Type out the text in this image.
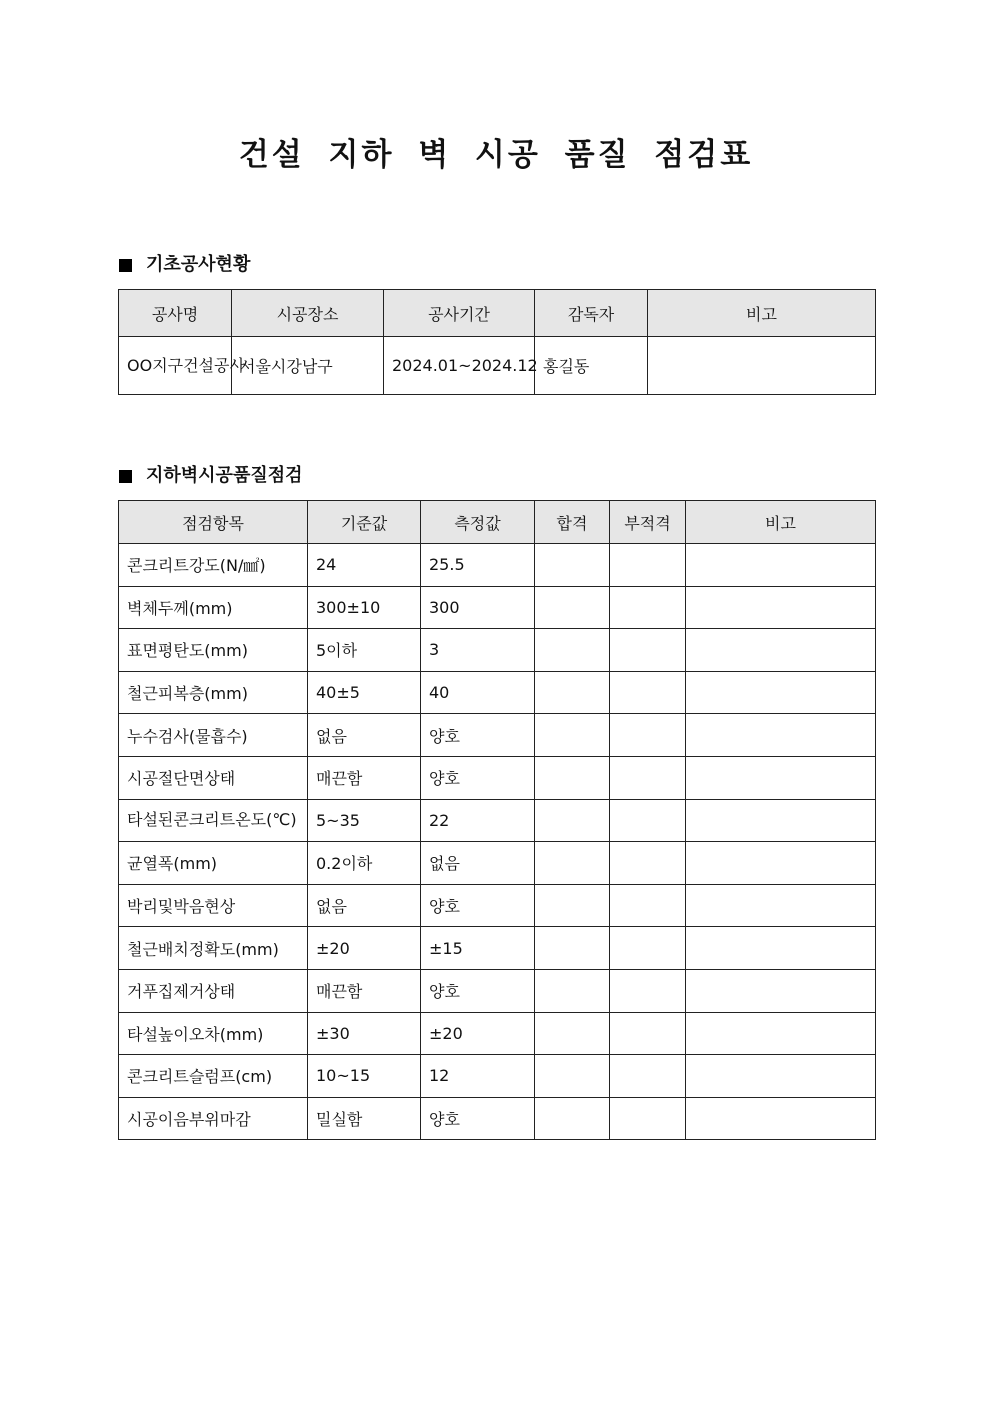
건설 지하 벽 시공 품질 점검표
기초공사현황
공사명	시공장소	공사기간	감독자	비고
OO지구건설공사	서울시강남구	2024.01~2024.12	홍길동	
지하벽시공품질점검
점검항목	기준값	측정값	합격	부적격	비고
콘크리트강도(N/㎟)	24	25.5			
벽체두께(mm)	300±10	300			
표면평탄도(mm)	5이하	3			
철근피복층(mm)	40±5	40			
누수검사(물흡수)	없음	양호			
시공절단면상태	매끈함	양호			
타설된콘크리트온도(℃)	5~35	22			
균열폭(mm)	0.2이하	없음			
박리및박음현상	없음	양호			
철근배치정확도(mm)	±20	±15			
거푸집제거상태	매끈함	양호			
타설높이오차(mm)	±30	±20			
콘크리트슬럼프(cm)	10~15	12			
시공이음부위마감	밀실함	양호			
